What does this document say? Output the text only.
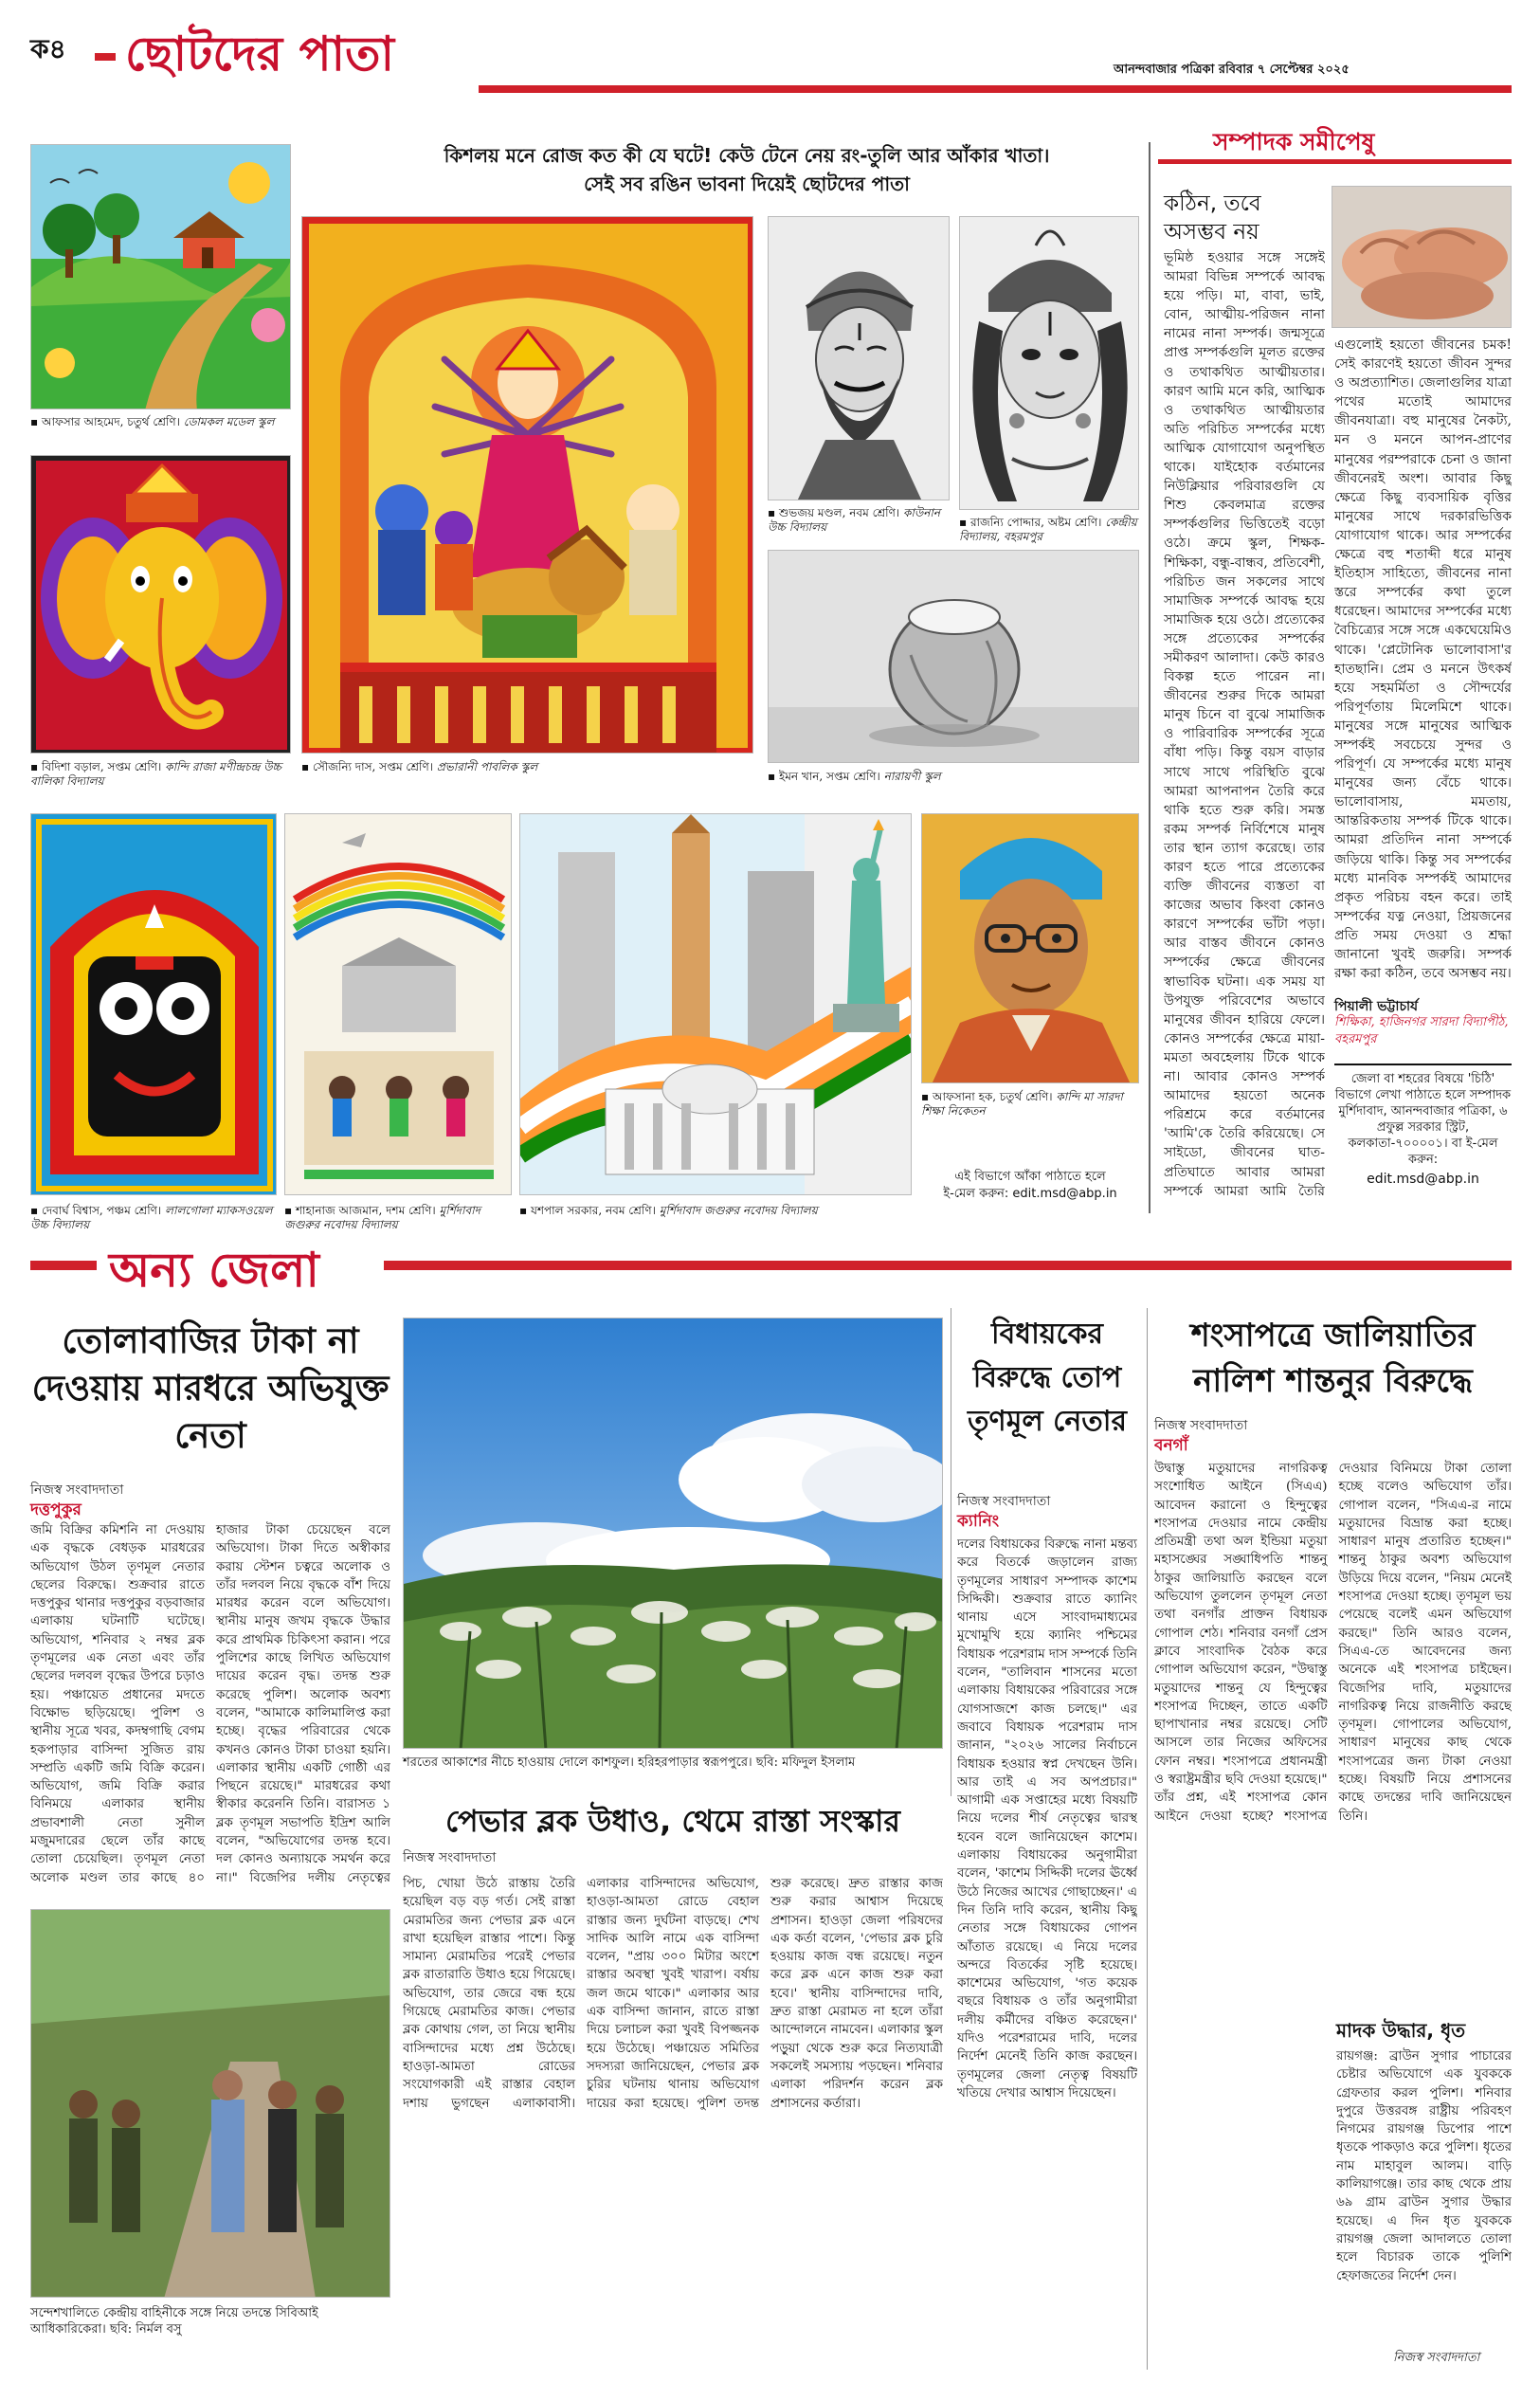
ক৪ ছোটদের পাতা	আনন্দবাজার পত্রিকা রবিবার ৭ সেপ্টেম্বর ২০২৫
কিশলয় মনে রোজ কত কী যে ঘটে! কেউ টেনে নেয় রং-তুলি আর আঁকার খাতা।
সেই সব রঙিন ভাবনা দিয়েই ছোটদের পাতা
▪ আফসার আহমেদ, চতুর্থ শ্রেণি। ডোমকল মডেল স্কুল
▪ বিদিশা বড়াল, সপ্তম শ্রেণি। কান্দি রাজা মণীন্দ্রচন্দ্র উচ্চ বালিকা বিদ্যালয়
▪ সৌজন্যি দাস, সপ্তম শ্রেণি। প্রভারানী পাবলিক স্কুল
▪ শুভজয় মণ্ডল, নবম শ্রেণি। কাউনান উচ্চ বিদ্যালয়	▪ রাজন্যি পোদ্দার, অষ্টম শ্রেণি। কেন্দ্রীয় বিদ্যালয়, বহরমপুর
▪ ইমন খান, সপ্তম শ্রেণি। নারায়ণী স্কুল
▪ দেবার্ঘ বিশ্বাস, পঞ্চম শ্রেণি। লালগোলা ম্যাকসওয়েল উচ্চ বিদ্যালয়
▪ শাহানাজ আজমান, দশম শ্রেণি। মুর্শিদাবাদ জগুরুর নবোদয় বিদ্যালয়
▪ যশপাল সরকার, নবম শ্রেণি। মুর্শিদাবাদ জগুরুর নবোদয় বিদ্যালয়
▪ আফসানা হক, চতুর্থ শ্রেণি। কান্দি মা সারদা শিক্ষা নিকেতন
এই বিভাগে আঁকা পাঠাতে হলে
ই-মেল করুন: edit.msd@abp.in
সম্পাদক সমীপেষু
কঠিন, তবে
অসম্ভব নয়
ভূমিষ্ঠ হওয়ার সঙ্গে সঙ্গেই আমরা বিভিন্ন সম্পর্কে আবদ্ধ হয়ে পড়ি। মা, বাবা, ভাই, বোন, আত্মীয়-পরিজন নানা নামের নানা সম্পর্ক। জন্মসূত্রে প্রাপ্ত সম্পর্কগুলি মূলত রক্তের ও তথাকথিত আত্মীয়তার। কারণ আমি মনে করি, আত্মিক ও তথাকথিত আত্মীয়তার অতি পরিচিত সম্পর্কের মধ্যে আত্মিক যোগাযোগ অনুপস্থিত থাকে। যাইহোক বর্তমানের নিউক্লিয়ার পরিবারগুলি যে শিশু কেবলমাত্র রক্তের সম্পর্কগুলির ভিত্তিতেই বড়ো ওঠে। ক্রমে স্কুল, শিক্ষক-শিক্ষিকা, বন্ধু-বান্ধব, প্রতিবেশী, পরিচিত জন সকলের সাথে সামাজিক সম্পর্কে আবদ্ধ হয়ে সামাজিক হয়ে ওঠে। প্রত্যেকের সঙ্গে প্রত্যেকের সম্পর্কের সমীকরণ আলাদা। কেউ কারও বিকল্প হতে পারেন না। জীবনের শুরুর দিকে আমরা মানুষ চিনে বা বুঝে সামাজিক ও পারিবারিক সম্পর্কের সূত্রে বাঁধা পড়ি। কিন্তু বয়স বাড়ার সাথে সাথে পরিস্থিতি বুঝে আমরা আপনাপন তৈরি করে থাকি হতে শুরু করি। সমস্ত রকম সম্পর্ক নির্বিশেষে মানুষ তার স্থান ত্যাগ করেছে। তার কারণ হতে পারে প্রত্যেকের ব্যক্তি জীবনের ব্যস্ততা বা কাজের অভাব কিংবা কোনও কারণে সম্পর্কের ভাঁটা পড়া। আর বাস্তব জীবনে কোনও সম্পর্কের ক্ষেত্রে জীবনের স্বাভাবিক ঘটনা। এক সময় যা উপযুক্ত পরিবেশের অভাবে মানুষের জীবন হারিয়ে ফেলে। কোনও সম্পর্কের ক্ষেত্রে মায়া-মমতা অবহেলায় টিকে থাকে না। আবার কোনও সম্পর্ক আমাদের হয়তো অনেক পরিশ্রমে করে বর্তমানের 'আমি'কে তৈরি করিয়েছে। সে সাইডো, জীবনের ঘাত-প্রতিঘাতে আবার আমরা সম্পর্কে আমরা আমি তৈরি
এগুলোই হয়তো জীবনের চমক! সেই কারণেই হয়তো জীবন সুন্দর ও অপ্রত্যাশিত। জেলাগুলির যাত্রা পথের মতোই আমাদের জীবনযাত্রা। বহু মানুষের নৈকট্য, মন ও মননে আপন-প্রাণের মানুষের পরম্পরাকে চেনা ও জানা জীবনেরই অংশ। আবার কিছু ক্ষেত্রে কিছু ব্যবসায়িক বৃত্তির মানুষের সাথে দরকারভিত্তিক যোগাযোগ থাকে। আর সম্পর্কের ক্ষেত্রে বহু শতাব্দী ধরে মানুষ ইতিহাস সাহিত্যে, জীবনের নানা স্তরে সম্পর্কের কথা তুলে ধরেছেন। আমাদের সম্পর্কের মধ্যে বৈচিত্র্যের সঙ্গে সঙ্গে একঘেয়েমিও থাকে। 'প্লেটোনিক ভালোবাসা'র হাতছানি। প্রেম ও মননে উৎকর্ষ হয়ে সহমর্মিতা ও সৌন্দর্যের পরিপূর্ণতায় মিলেমিশে থাকে। মানুষের সঙ্গে মানুষের আত্মিক সম্পর্কই সবচেয়ে সুন্দর ও পরিপূর্ণ। যে সম্পর্কের মধ্যে মানুষ মানুষের জন্য বেঁচে থাকে। ভালোবাসায়, মমতায়, আন্তরিকতায় সম্পর্ক টিকে থাকে। আমরা প্রতিদিন নানা সম্পর্কে জড়িয়ে থাকি। কিন্তু সব সম্পর্কের মধ্যে মানবিক সম্পর্কই আমাদের প্রকৃত পরিচয় বহন করে। তাই সম্পর্কের যত্ন নেওয়া, প্রিয়জনের প্রতি সময় দেওয়া ও শ্রদ্ধা জানানো খুবই জরুরি। সম্পর্ক রক্ষা করা কঠিন, তবে অসম্ভব নয়।
পিয়ালী ভট্টাচার্য
শিক্ষিকা, হাজিনগর সারদা বিদ্যাপীঠ, বহরমপুর
জেলা বা শহরের বিষয়ে 'চিঠি' বিভাগে লেখা পাঠাতে হলে সম্পাদক মুর্শিদাবাদ, আনন্দবাজার পত্রিকা, ৬ প্রফুল্ল সরকার স্ট্রিট, কলকাতা-৭০০০০১। বা ই-মেল করুন:
edit.msd@abp.in
অন্য জেলা
তোলাবাজির টাকা না দেওয়ায় মারধরে অভিযুক্ত নেতা
নিজস্ব সংবাদদাতা
দত্তপুকুর
জমি বিক্রির কমিশনি না দেওয়ায় এক বৃদ্ধকে বেধড়ক মারধরের অভিযোগ উঠল তৃণমূল নেতার ছেলের বিরুদ্ধে। শুক্রবার রাতে দত্তপুকুর থানার দত্তপুকুর বড়বাজার এলাকায় ঘটনাটি ঘটেছে। অভিযোগ, শনিবার ২ নম্বর ব্লক তৃণমূলের এক নেতা এবং তাঁর ছেলের দলবল বৃদ্ধের উপরে চড়াও হয়। পঞ্চায়েত প্রধানের মদতে বিক্ষোভ ছড়িয়েছে। পুলিশ ও স্থানীয় সূত্রে খবর, কদম্বগাছি বেগম হকপাড়ার বাসিন্দা সুজিত রায় সম্প্রতি একটি জমি বিক্রি করেন। অভিযোগ, জমি বিক্রি করার বিনিময়ে এলাকার স্থানীয় প্রভাবশালী নেতা সুনীল মজুমদারের ছেলে তাঁর কাছে তোলা চেয়েছিল। তৃণমূল নেতা অলোক মণ্ডল তার কাছে ৪০ হাজার টাকা চেয়েছেন বলে অভিযোগ। টাকা দিতে অস্বীকার করায় স্টেশন চত্বরে অলোক ও তাঁর দলবল নিয়ে বৃদ্ধকে বাঁশ দিয়ে মারধর করেন বলে অভিযোগ। স্থানীয় মানুষ জখম বৃদ্ধকে উদ্ধার করে প্রাথমিক চিকিৎসা করান। পরে পুলিশের কাছে লিখিত অভিযোগ দায়ের করেন বৃদ্ধ। তদন্ত শুরু করেছে পুলিশ। অলোক অবশ্য বলেন, "আমাকে কালিমালিপ্ত করা হচ্ছে। বৃদ্ধের পরিবারের থেকে কখনও কোনও টাকা চাওয়া হয়নি। এলাকার স্থানীয় একটি গোষ্ঠী এর পিছনে রয়েছে।" মারধরের কথা স্বীকার করেননি তিনি। বারাসত ১ ব্লক তৃণমূল সভাপতি ইদ্রিশ আলি বলেন, "অভিযোগের তদন্ত হবে। দল কোনও অন্যায়কে সমর্থন করে না।" বিজেপির দলীয় নেতৃত্বের
সন্দেশখালিতে কেন্দ্রীয় বাহিনীকে সঙ্গে নিয়ে তদন্তে সিবিআই আধিকারিকেরা। ছবি: নির্মল বসু
শরতের আকাশের নীচে হাওয়ায় দোলে কাশফুল। হরিহরপাড়ার স্বরূপপুরে। ছবি: মফিদুল ইসলাম
পেভার ব্লক উধাও, থেমে রাস্তা সংস্কার
নিজস্ব সংবাদদাতা
পিচ, খোয়া উঠে রাস্তায় তৈরি হয়েছিল বড় বড় গর্ত। সেই রাস্তা মেরামতির জন্য পেভার ব্লক এনে রাখা হয়েছিল রাস্তার পাশে। কিন্তু সামান্য মেরামতির পরেই পেভার ব্লক রাতারাতি উধাও হয়ে গিয়েছে। অভিযোগ, তার জেরে বন্ধ হয়ে গিয়েছে মেরামতির কাজ। পেভার ব্লক কোথায় গেল, তা নিয়ে স্থানীয় বাসিন্দাদের মধ্যে প্রশ্ন উঠেছে। হাওড়া-আমতা রোডের সংযোগকারী এই রাস্তার বেহাল দশায় ভুগছেন এলাকাবাসী। এলাকার বাসিন্দাদের অভিযোগ, হাওড়া-আমতা রোডে বেহাল রাস্তার জন্য দুর্ঘটনা বাড়ছে। শেখ সাদিক আলি নামে এক বাসিন্দা বলেন, "প্রায় ৩০০ মিটার অংশে রাস্তার অবস্থা খুবই খারাপ। বর্ষায় জল জমে থাকে।" এলাকার আর এক বাসিন্দা জানান, রাতে রাস্তা দিয়ে চলাচল করা খুবই বিপজ্জনক হয়ে উঠেছে। পঞ্চায়েত সমিতির সদস্যরা জানিয়েছেন, পেভার ব্লক চুরির ঘটনায় থানায় অভিযোগ দায়ের করা হয়েছে। পুলিশ তদন্ত শুরু করেছে। দ্রুত রাস্তার কাজ শুরু করার আশ্বাস দিয়েছে প্রশাসন। হাওড়া জেলা পরিষদের এক কর্তা বলেন, 'পেভার ব্লক চুরি হওয়ায় কাজ বন্ধ রয়েছে। নতুন করে ব্লক এনে কাজ শুরু করা হবে।' স্থানীয় বাসিন্দাদের দাবি, দ্রুত রাস্তা মেরামত না হলে তাঁরা আন্দোলনে নামবেন। এলাকার স্কুল পড়ুয়া থেকে শুরু করে নিত্যযাত্রী সকলেই সমস্যায় পড়ছেন। শনিবার এলাকা পরিদর্শন করেন ব্লক প্রশাসনের কর্তারা।
বিধায়কের বিরুদ্ধে তোপ তৃণমূল নেতার
নিজস্ব সংবাদদাতা
ক্যানিং
দলের বিধায়কের বিরুদ্ধে নানা মন্তব্য করে বিতর্কে জড়ালেন রাজ্য তৃণমূলের সাধারণ সম্পাদক কাশেম সিদ্দিকী। শুক্রবার রাতে ক্যানিং থানায় এসে সাংবাদমাধ্যমের মুখোমুখি হয়ে ক্যানিং পশ্চিমের বিধায়ক পরেশরাম দাস সম্পর্কে তিনি বলেন, "তালিবান শাসনের মতো এলাকায় বিধায়কের পরিবারের সঙ্গে যোগসাজশে কাজ চলছে।" এর জবাবে বিধায়ক পরেশরাম দাস জানান, "২০২৬ সালের নির্বাচনে বিধায়ক হওয়ার স্বপ্ন দেখছেন উনি। আর তাই এ সব অপপ্রচার।" আগামী এক সপ্তাহের মধ্যে বিষয়টি নিয়ে দলের শীর্ষ নেতৃত্বের দ্বারস্থ হবেন বলে জানিয়েছেন কাশেম। এলাকায় বিধায়কের অনুগামীরা বলেন, 'কাশেম সিদ্দিকী দলের ঊর্ধ্বে উঠে নিজের আখের গোছাচ্ছেন।' এ দিন তিনি দাবি করেন, স্থানীয় কিছু নেতার সঙ্গে বিধায়কের গোপন আঁতাত রয়েছে। এ নিয়ে দলের অন্দরে বিতর্কের সৃষ্টি হয়েছে। কাশেমের অভিযোগ, 'গত কয়েক বছরে বিধায়ক ও তাঁর অনুগামীরা দলীয় কর্মীদের বঞ্চিত করেছেন।' যদিও পরেশরামের দাবি, দলের নির্দেশ মেনেই তিনি কাজ করছেন। তৃণমূলের জেলা নেতৃত্ব বিষয়টি খতিয়ে দেখার আশ্বাস দিয়েছেন।
শংসাপত্রে জালিয়াতির নালিশ শান্তনুর বিরুদ্ধে
নিজস্ব সংবাদদাতা
বনগাঁ
উদ্বাস্তু মতুয়াদের নাগরিকত্ব সংশোধিত আইনে (সিএএ) আবেদন করানো ও হিন্দুত্বের শংসাপত্র দেওয়ার নামে কেন্দ্রীয় প্রতিমন্ত্রী তথা অল ইন্ডিয়া মতুয়া মহাসঙ্ঘের সঙ্ঘাধিপতি শান্তনু ঠাকুর জালিয়াতি করছেন বলে অভিযোগ তুললেন তৃণমূল নেতা তথা বনগাঁর প্রাক্তন বিধায়ক গোপাল শেঠ। শনিবার বনগাঁ প্রেস ক্লাবে সাংবাদিক বৈঠক করে গোপাল অভিযোগ করেন, "উদ্বাস্তু মতুয়াদের শান্তনু যে হিন্দুত্বের শংসাপত্র দিচ্ছেন, তাতে একটি ছাপাখানার নম্বর রয়েছে। সেটি আসলে তার নিজের অফিসের ফোন নম্বর। শংসাপত্রে প্রধানমন্ত্রী ও স্বরাষ্ট্রমন্ত্রীর ছবি দেওয়া হয়েছে।" তাঁর প্রশ্ন, এই শংসাপত্র কোন আইনে দেওয়া হচ্ছে? শংসাপত্র দেওয়ার বিনিময়ে টাকা তোলা হচ্ছে বলেও অভিযোগ তাঁর। গোপাল বলেন, "সিএএ-র নামে মতুয়াদের বিভ্রান্ত করা হচ্ছে। সাধারণ মানুষ প্রতারিত হচ্ছেন।" শান্তনু ঠাকুর অবশ্য অভিযোগ উড়িয়ে দিয়ে বলেন, "নিয়ম মেনেই শংসাপত্র দেওয়া হচ্ছে। তৃণমূল ভয় পেয়েছে বলেই এমন অভিযোগ করছে।" তিনি আরও বলেন, সিএএ-তে আবেদনের জন্য অনেকে এই শংসাপত্র চাইছেন। বিজেপির দাবি, মতুয়াদের নাগরিকত্ব নিয়ে রাজনীতি করছে তৃণমূল। গোপালের অভিযোগ, সাধারণ মানুষের কাছ থেকে শংসাপত্রের জন্য টাকা নেওয়া হচ্ছে। বিষয়টি নিয়ে প্রশাসনের কাছে তদন্তের দাবি জানিয়েছেন তিনি।
মাদক উদ্ধার, ধৃত
রায়গঞ্জ: ব্রাউন সুগার পাচারের চেষ্টার অভিযোগে এক যুবককে গ্রেফতার করল পুলিশ। শনিবার দুপুরে উত্তরবঙ্গ রাষ্ট্রীয় পরিবহণ নিগমের রায়গঞ্জ ডিপোর পাশে ধৃতকে পাকড়াও করে পুলিশ। ধৃতের নাম মাহাবুল আলম। বাড়ি কালিয়াগঞ্জে। তার কাছ থেকে প্রায় ৬৯ গ্রাম ব্রাউন সুগার উদ্ধার হয়েছে। এ দিন ধৃত যুবককে রায়গঞ্জ জেলা আদালতে তোলা হলে বিচারক তাকে পুলিশি হেফাজতের নির্দেশ দেন।
নিজস্ব সংবাদদাতা
